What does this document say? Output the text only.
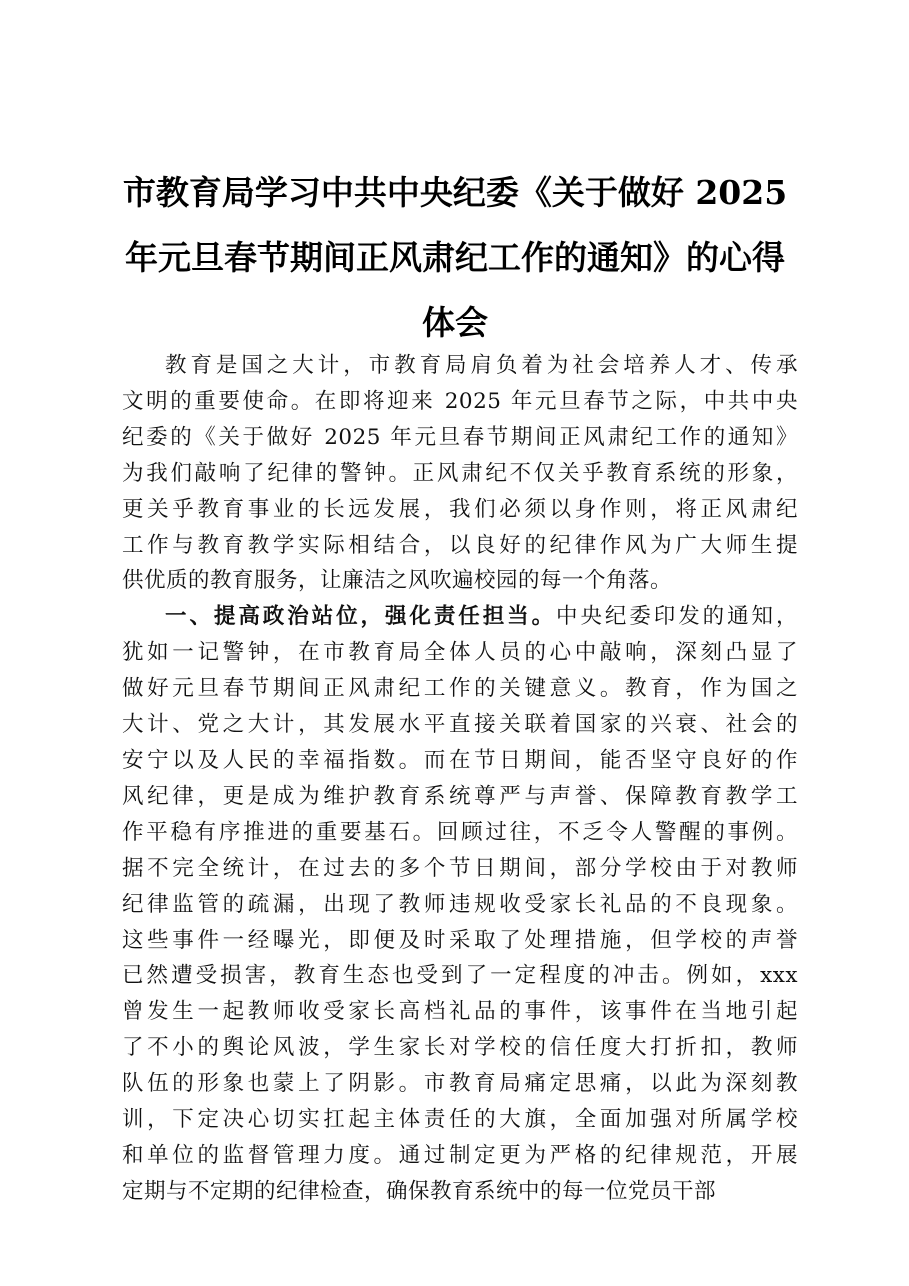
市教育局学习中共中央纪委《关于做好 2025
年元旦春节期间正风肃纪工作的通知》的心得
体会

教育是国之大计，市教育局肩负着为社会培养人才、传承
文明的重要使命。在即将迎来 2025 年元旦春节之际，中共中央
纪委的《关于做好 2025 年元旦春节期间正风肃纪工作的通知》
为我们敲响了纪律的警钟。正风肃纪不仅关乎教育系统的形象，
更关乎教育事业的长远发展，我们必须以身作则，将正风肃纪
工作与教育教学实际相结合，以良好的纪律作风为广大师生提
供优质的教育服务，让廉洁之风吹遍校园的每一个角落。

一、提高政治站位，强化责任担当。中央纪委印发的通知，
犹如一记警钟，在市教育局全体人员的心中敲响，深刻凸显了
做好元旦春节期间正风肃纪工作的关键意义。教育，作为国之
大计、党之大计，其发展水平直接关联着国家的兴衰、社会的
安宁以及人民的幸福指数。而在节日期间，能否坚守良好的作
风纪律，更是成为维护教育系统尊严与声誉、保障教育教学工
作平稳有序推进的重要基石。回顾过往，不乏令人警醒的事例。
据不完全统计，在过去的多个节日期间，部分学校由于对教师
纪律监管的疏漏，出现了教师违规收受家长礼品的不良现象。
这些事件一经曝光，即便及时采取了处理措施，但学校的声誉
已然遭受损害，教育生态也受到了一定程度的冲击。例如，xxx
曾发生一起教师收受家长高档礼品的事件，该事件在当地引起
了不小的舆论风波，学生家长对学校的信任度大打折扣，教师
队伍的形象也蒙上了阴影。市教育局痛定思痛，以此为深刻教
训，下定决心切实扛起主体责任的大旗，全面加强对所属学校
和单位的监督管理力度。通过制定更为严格的纪律规范，开展
定期与不定期的纪律检查，确保教育系统中的每一位党员干部
